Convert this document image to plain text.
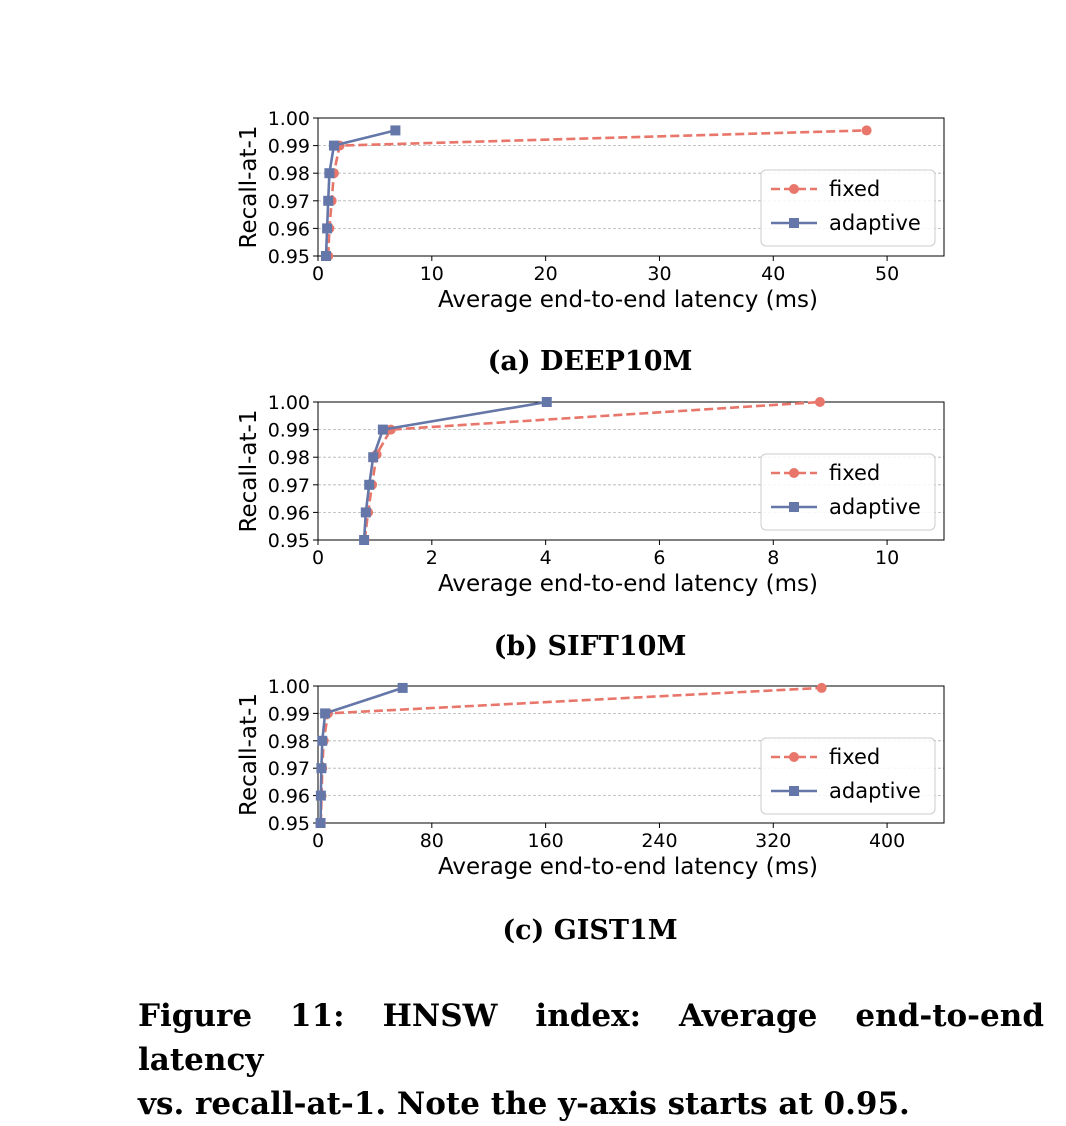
0.95
0.96
0.97
0.98
0.99
1.00
0	10	20	30	40	50
Average end-to-end latency (ms)
Recall-at-1	fixed
adaptive
(a) DEEP10M
0.95
0.96
0.97
0.98
0.99
1.00
0	2	4	6	8	10
Average end-to-end latency (ms)
Recall-at-1	fixed
adaptive
(b) SIFT10M
0.95
0.96
0.97
0.98
0.99
1.00
0	80	160	240	320	400
Average end-to-end latency (ms)
Recall-at-1	fixed
adaptive
(c) GIST1M

Figure 11: HNSW index: Average end-to-end latency
vs. recall-at-1. Note the y-axis starts at 0.95.
